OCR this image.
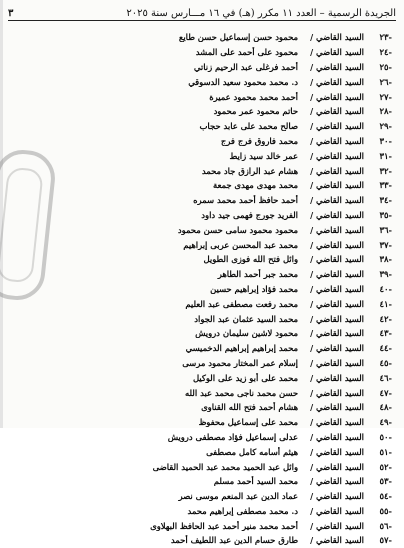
الجريدة الرسمية – العدد ١١ مكرر (هـ) في ١٦ مـــارس سنة ٢٠٢٥
٣
-٢٣
السيد القاضي /
محمود حسن إسماعيل حسن طايع
-٢٤
السيد القاضي /
محمود على أحمد على المشد
-٢٥
السيد القاضي /
أحمد فرغلى عبد الرحيم زناتي
-٢٦
السيد القاضي /
د. محمد محمود سعيد الدسوقي
-٢٧
السيد القاضي /
أحمد محمد محمود عميرة
-٢٨
السيد القاضي /
حاتم محمود عمر محمود
-٢٩
السيد القاضي /
صالح محمد على عابد حجاب
-٣٠
السيد القاضي /
محمد فاروق فرج فرج
-٣١
السيد القاضي /
عمر خالد سيد زايط
-٣٢
السيد القاضي /
هشام عبد الرازق جاد محمد
-٣٣
السيد القاضي /
محمد مهدى مهدى جمعة
-٣٤
السيد القاضي /
أحمد حافظ أحمد محمد سمره
-٣٥
السيد القاضي /
الفريد جورج فهمى جيد داود
-٣٦
السيد القاضي /
محمود محمود سامى حسن محمود
-٣٧
السيد القاضي /
محمد عبد المحسن عربى إبراهيم
-٣٨
السيد القاضي /
وائل فتح الله فوزى الطويل
-٣٩
السيد القاضي /
محمد جبر أحمد الطاهر
-٤٠
السيد القاضي /
محمد فؤاد إبراهيم حسين
-٤١
السيد القاضي /
محمد رفعت مصطفى عبد العليم
-٤٢
السيد القاضي /
محمد السيد عثمان عبد الجواد
-٤٣
السيد القاضي /
محمود لاشين سليمان درويش
-٤٤
السيد القاضي /
محمد إبراهيم إبراهيم الدخميسي
-٤٥
السيد القاضي /
إسلام عمر المختار محمود مرسى
-٤٦
السيد القاضي /
محمد على أبو زيد على الوكيل
-٤٧
السيد القاضي /
حسن محمد ناجى محمد عبد الله
-٤٨
السيد القاضي /
هشام أحمد فتح الله القناوى
-٤٩
السيد القاضي /
محمد على إسماعيل محفوظ
-٥٠
السيد القاضي /
عدلى إسماعيل فؤاد مصطفى درويش
-٥١
السيد القاضي /
هيثم أسامه كامل مصطفى
-٥٢
السيد القاضي /
وائل عبد الحميد محمد عبد الحميد القاضى
-٥٣
السيد القاضي /
محمد السيد أحمد مسلم
-٥٤
السيد القاضي /
عماد الدين عبد المنعم موسى نصر
-٥٥
السيد القاضي /
د. محمد مصطفى إبراهيم محمد
-٥٦
السيد القاضي /
أحمد محمد منير أحمد عبد الحافظ البهلاوى
-٥٧
السيد القاضي /
طارق حسام الدين عبد اللطيف أحمد
